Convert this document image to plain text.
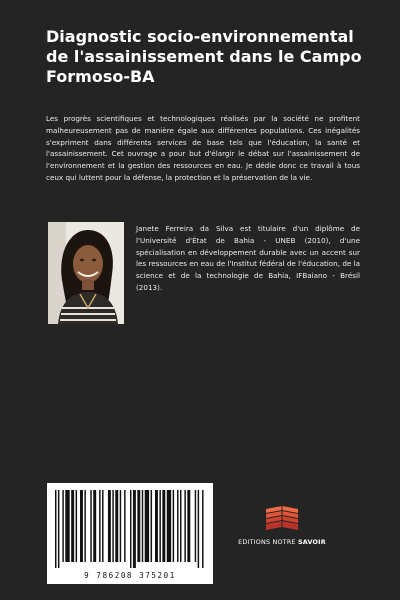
Diagnostic socio-environnemental de l'assainissement dans le Campo Formoso-BA

Les progrès scientifiques et technologiques réalisés par la société ne profitent malheureusement pas de manière égale aux différentes populations. Ces inégalités s'expriment dans différents services de base tels que l'éducation, la santé et l'assainissement. Cet ouvrage a pour but d'élargir le débat sur l'assainissement de l'environnement et la gestion des ressources en eau. Je dédie donc ce travail à tous ceux qui luttent pour la défense, la protection et la préservation de la vie.

Janete Ferreira da Silva est titulaire d'un diplôme de l'Université d'État de Bahia - UNEB (2010), d'une spécialisation en développement durable avec un accent sur les ressources en eau de l'Institut fédéral de l'éducation, de la science et de la technologie de Bahia, IFBaiano - Brésil (2013).

9 786208 375201
EDITIONS NOTRE SAVOIR
